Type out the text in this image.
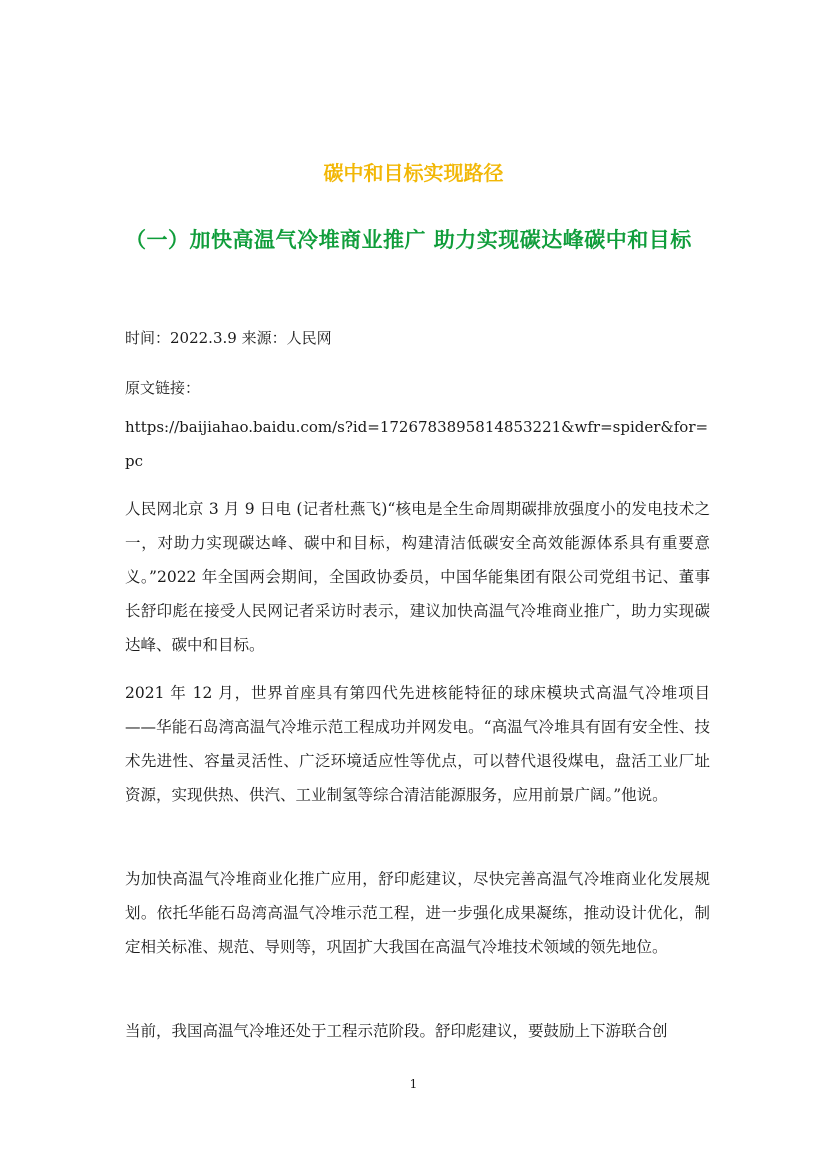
碳中和目标实现路径
（一）加快高温气冷堆商业推广 助力实现碳达峰碳中和目标

时间：2022.3.9 来源：人民网

原文链接：

https://baijiahao.baidu.com/s?id=1726783895814853221&wfr=spider&for=pc

人民网北京 3 月 9 日电 (记者杜燕飞)“核电是全生命周期碳排放强度小的发电技术之一，对助力实现碳达峰、碳中和目标，构建清洁低碳安全高效能源体系具有重要意义。”2022 年全国两会期间，全国政协委员，中国华能集团有限公司党组书记、董事长舒印彪在接受人民网记者采访时表示，建议加快高温气冷堆商业推广，助力实现碳达峰、碳中和目标。

2021 年 12 月，世界首座具有第四代先进核能特征的球床模块式高温气冷堆项目——华能石岛湾高温气冷堆示范工程成功并网发电。“高温气冷堆具有固有安全性、技术先进性、容量灵活性、广泛环境适应性等优点，可以替代退役煤电，盘活工业厂址资源，实现供热、供汽、工业制氢等综合清洁能源服务，应用前景广阔。”他说。

为加快高温气冷堆商业化推广应用，舒印彪建议，尽快完善高温气冷堆商业化发展规划。依托华能石岛湾高温气冷堆示范工程，进一步强化成果凝练，推动设计优化，制定相关标准、规范、导则等，巩固扩大我国在高温气冷堆技术领域的领先地位。

当前，我国高温气冷堆还处于工程示范阶段。舒印彪建议，要鼓励上下游联合创

1
